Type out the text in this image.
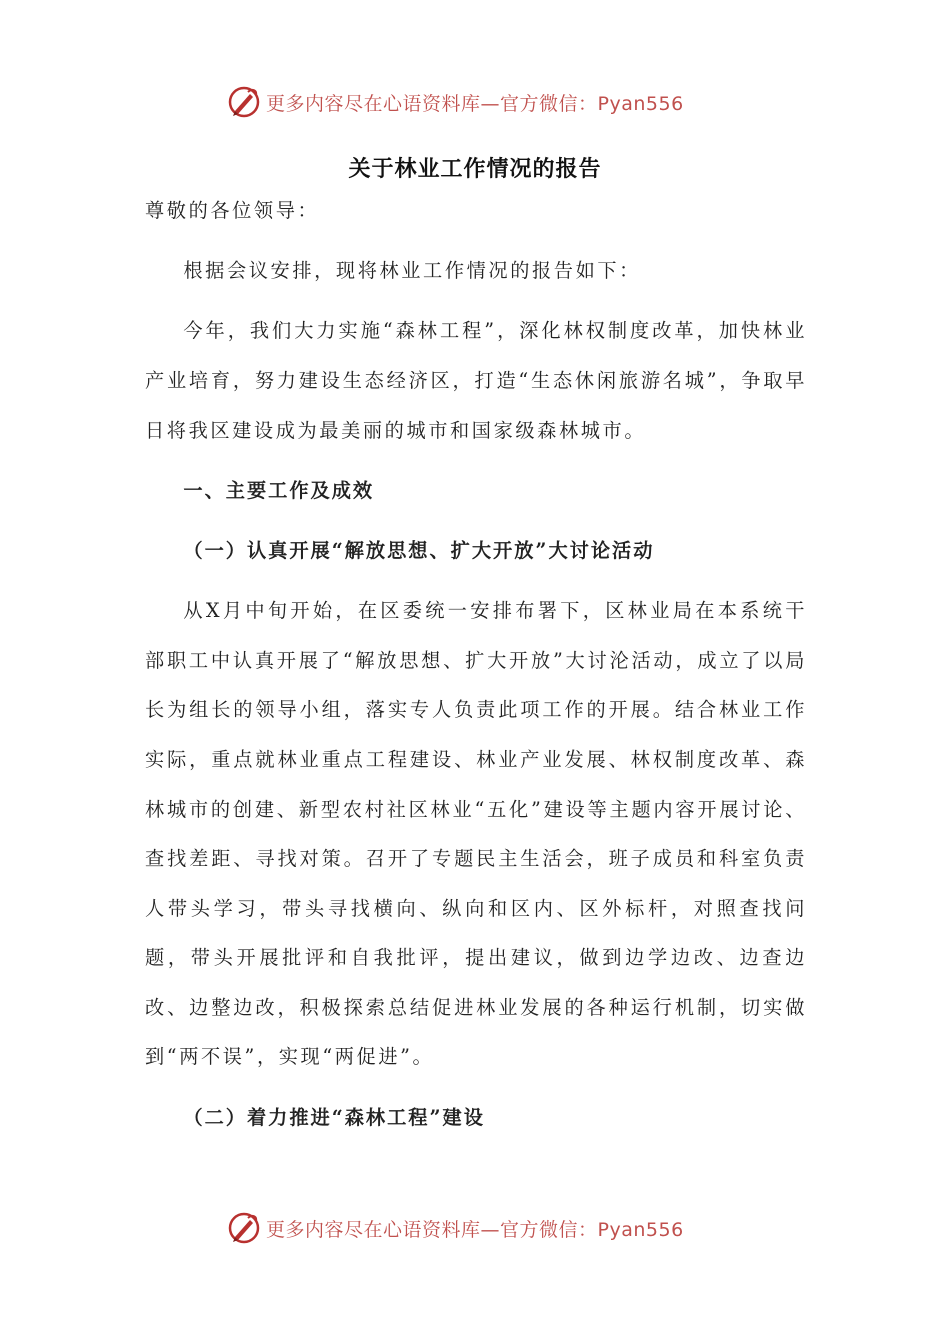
更多内容尽在心语资料库—官方微信：Pyan556
关于林业工作情况的报告

尊敬的各位领导：

根据会议安排，现将林业工作情况的报告如下：

今年，我们大力实施“森林工程”，深化林权制度改革，加快林业产业培育，努力建设生态经济区，打造“生态休闲旅游名城”，争取早日将我区建设成为最美丽的城市和国家级森林城市。

一、主要工作及成效

（一）认真开展“解放思想、扩大开放”大讨论活动

从X月中旬开始，在区委统一安排布署下，区林业局在本系统干部职工中认真开展了“解放思想、扩大开放”大讨沦活动，成立了以局长为组长的领导小组，落实专人负责此项工作的开展。结合林业工作实际，重点就林业重点工程建设、林业产业发展、林权制度改革、森林城市的创建、新型农村社区林业“五化”建设等主题内容开展讨论、查找差距、寻找对策。召开了专题民主生活会，班子成员和科室负责人带头学习，带头寻找横向、纵向和区内、区外标杆，对照查找问题，带头开展批评和自我批评，提出建议，做到边学边改、边查边改、边整边改，积极探索总结促进林业发展的各种运行机制，切实做到“两不误”，实现“两促进”。

（二）着力推进“森林工程”建设

更多内容尽在心语资料库—官方微信：Pyan556
